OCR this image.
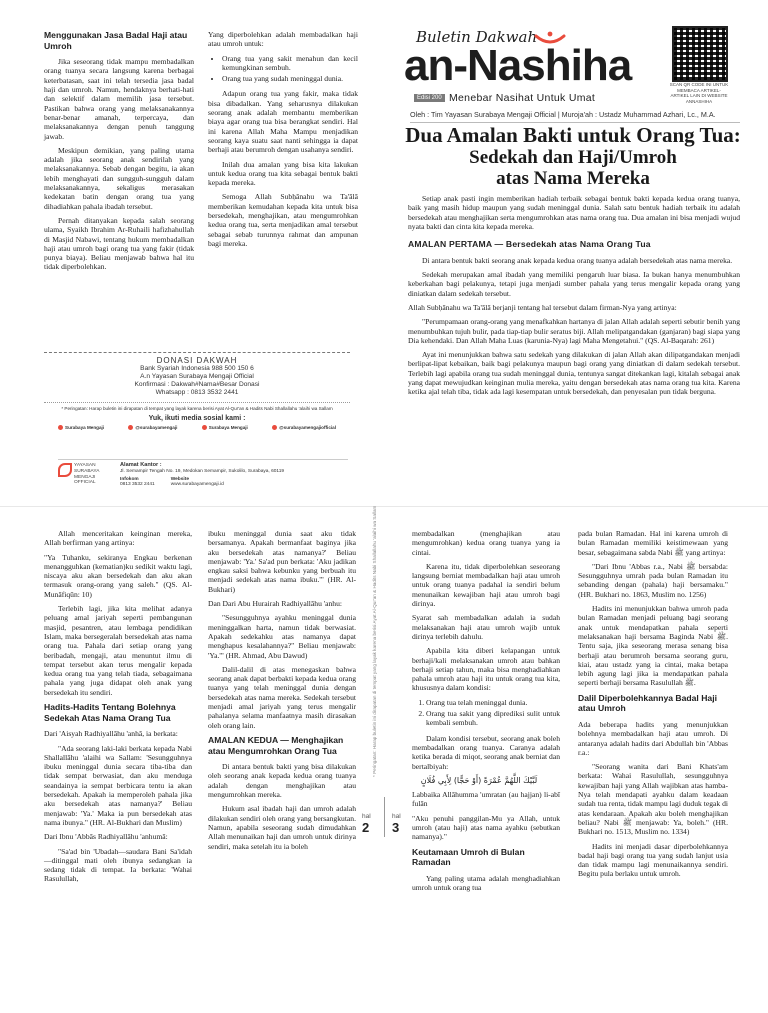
Menggunakan Jasa Badal Haji atau Umroh

Jika seseorang tidak mampu membadalkan orang tuanya secara langsung karena berbagai keterbatasan, saat ini telah tersedia jasa badal haji dan umroh. Namun, hendaknya berhati-hati dan selektif dalam memilih jasa tersebut. Pastikan bahwa orang yang melaksanakannya benar-benar amanah, terpercaya, dan melaksanakannya dengan penuh tanggung jawab.

Meskipun demikian, yang paling utama adalah jika seorang anak sendirilah yang melaksanakannya. Sebab dengan begitu, ia akan lebih menghayati dan sungguh-sungguh dalam melaksanakannya, sekaligus merasakan kedekatan batin dengan orang tua yang dihadiahkan pahala ibadah tersebut.

Pernah ditanyakan kepada salah seorang ulama, Syaikh Ibrahim Ar-Ruhaili hafizhahullah di Masjid Nabawi, tentang hukum membadalkan haji atau umroh bagi orang tua yang fakir (tidak punya biaya). Beliau menjawab bahwa hal itu tidak diperbolehkan.

Yang diperbolehkan adalah membadalkan haji atau umroh untuk:

• Orang tua yang sakit menahun dan kecil kemungkinan sembuh.
• Orang tua yang sudah meninggal dunia.

Adapun orang tua yang fakir, maka tidak bisa dibadalkan. Yang seharusnya dilakukan seorang anak adalah membantu memberikan biaya agar orang tua bisa berangkat sendiri. Hal ini karena Allah Maha Mampu menjadikan seorang kaya suatu saat nanti sehingga ia dapat berhaji atau berumroh dengan usahanya sendiri.

Inilah dua amalan yang bisa kita lakukan untuk kedua orang tua kita sebagai bentuk bakti kepada mereka.

Semoga Allah Subḥānahu wa Ta'ālā memberikan kemudahan kepada kita untuk bisa bersedekah, menghajikan, atau mengumrohkan kedua orang tua, serta menjadikan amal tersebut sebagai sebab turunnya rahmat dan ampunan bagi mereka.

DONASI DAKWAH
Bank Syariah Indonesia 988 500 150 6
A.n Yayasan Surabaya Mengaji Official
Konfirmasi : Dakwah#Nama#Besar Donasi
Whatsapp : 0813 3532 2441
* Peringatan: Harap buletin ini dirapatan di tempat yang layak karena berisi Ayat Al-Qur'an & Hadits Nabi Shallallahu 'alaihi wa Sallam
Yuk, ikuti media sosial kami :
Surabaya Mengaji	@surabayamengaji	Surabaya Mengaji	@surabayamengajiofficial
YAYASAN SURABAYA MENGAJI OFFICIAL
Alamat Kantor :
Jl. Semampir Tengah No. 19, Medokan Semampir, Sukolilo, Surabaya, 60119
Infokom
0813 3532 2441
Website
www.surabayamengaji.id
Buletin Dakwah
an-Nashiha
Edisi 200 Menebar Nasihat Untuk Umat
SCAN QR CODE INI UNTUK MEMBACA ARTIKEL-ARTIKEL LAIN DI WEBSITE ANNASHIHA
Oleh : Tim Yayasan Surabaya Mengaji Official | Muroja'ah : Ustadz Muhammad Azhari, Lc., M.A.
Dua Amalan Bakti untuk Orang Tua:
Sedekah dan Haji/Umroh
atas Nama Mereka

Setiap anak pasti ingin memberikan hadiah terbaik sebagai bentuk bakti kepada kedua orang tuanya, baik yang masih hidup maupun yang sudah meninggal dunia. Salah satu bentuk hadiah terbaik itu adalah bersedekah atau menghajikan serta mengumrohkan atas nama orang tua. Dua amalan ini bisa menjadi wujud nyata bakti dan cinta kita kepada mereka.

AMALAN PERTAMA — Bersedekah atas Nama Orang Tua

Di antara bentuk bakti seorang anak kepada kedua orang tuanya adalah bersedekah atas nama mereka.

Sedekah merupakan amal ibadah yang memiliki pengaruh luar biasa. Ia bukan hanya menumbuhkan keberkahan bagi pelakunya, tetapi juga menjadi sumber pahala yang terus mengalir kepada orang yang diniatkan dalam sedekah tersebut.

Allah Subḥānahu wa Ta'ālā berjanji tentang hal tersebut dalam firman-Nya yang artinya:

"Perumpamaan orang-orang yang menafkahkan hartanya di jalan Allah adalah seperti sebutir benih yang menumbuhkan tujuh bulir, pada tiap-tiap bulir seratus biji. Allah melipatgandakan (ganjaran) bagi siapa yang Dia kehendaki. Dan Allah Maha Luas (karunia-Nya) lagi Maha Mengetahui." (QS. Al-Baqarah: 261)

Ayat ini menunjukkan bahwa satu sedekah yang dilakukan di jalan Allah akan dilipatgandakan menjadi berlipat-lipat kebaikan, baik bagi pelakunya maupun bagi orang yang diniatkan di dalam sedekah tersebut. Terlebih lagi apabila orang tua sudah meninggal dunia, tentunya sangat ditekankan lagi, kitalah sebagai anak yang dapat mewujudkan keinginan mulia mereka, yaitu dengan bersedekah atas nama orang tua kita. Karena ketika ajal telah tiba, tidak ada lagi kesempatan untuk bersedekah, dan penyesalan pun tidak berguna.

Allah menceritakan keinginan mereka, Allah berfirman yang artinya:

"Ya Tuhanku, sekiranya Engkau berkenan menangguhkan (kematian)ku sedikit waktu lagi, niscaya aku akan bersedekah dan aku akan termasuk orang-orang yang saleh." (QS. Al-Munāfiqūn: 10)

Terlebih lagi, jika kita melihat adanya peluang amal jariyah seperti pembangunan masjid, pesantren, atau lembaga pendidikan Islam, maka bersegeralah bersedekah atas nama orang tua. Pahala dari setiap orang yang beribadah, mengaji, atau menuntut ilmu di tempat tersebut akan terus mengalir kepada kedua orang tua yang telah tiada, sebagaimana pahala yang juga didapat oleh anak yang bersedekah itu sendiri.

Hadits-Hadits Tentang Bolehnya Sedekah Atas Nama Orang Tua

Dari 'Aisyah Radhiyallāhu 'anhā, ia berkata:

"Ada seorang laki-laki berkata kepada Nabi Shallallāhu 'alaihi wa Sallam: 'Sesungguhnya ibuku meninggal dunia secara tiba-tiba dan tidak sempat berwasiat, dan aku menduga seandainya ia sempat berbicara tentu ia akan bersedekah. Apakah ia memperoleh pahala jika aku bersedekah atas namanya?' Beliau menjawab: 'Ya.' Maka ia pun bersedekah atas nama ibunya." (HR. Al-Bukhari dan Muslim)

Dari Ibnu 'Abbās Radhiyallāhu 'anhumā:

"Sa'ad bin 'Ubadah—saudara Bani Sa'idah—ditinggal mati oleh ibunya sedangkan ia sedang tidak di tempat. Ia berkata: 'Wahai Rasulullah,

ibuku meninggal dunia saat aku tidak bersamanya. Apakah bermanfaat baginya jika aku bersedekah atas namanya?' Beliau menjawab: 'Ya.' Sa'ad pun berkata: 'Aku jadikan engkau saksi bahwa kebunku yang berbuah itu menjadi sedekah atas nama ibuku.'" (HR. Al-Bukhari)

Dan Dari Abu Hurairah Radhiyallāhu 'anhu:

"Sesungguhnya ayahku meninggal dunia meninggalkan harta, namun tidak berwasiat. Apakah sedekahku atas namanya dapat menghapus kesalahannya?" Beliau menjawab: 'Ya.'" (HR. Ahmad, Abu Dawud)

Dalil-dalil di atas menegaskan bahwa seorang anak dapat berbakti kepada kedua orang tuanya yang telah meninggal dunia dengan bersedekah atas nama mereka. Sedekah tersebut menjadi amal jariyah yang terus mengalir pahalanya selama manfaatnya masih dirasakan oleh orang lain.

AMALAN KEDUA — Menghajikan atau Mengumrohkan Orang Tua

Di antara bentuk bakti yang bisa dilakukan oleh seorang anak kepada kedua orang tuanya adalah dengan menghajikan atau mengumrohkan mereka.

Hukum asal ibadah haji dan umroh adalah dilakukan sendiri oleh orang yang bersangkutan. Namun, apabila seseorang sudah dimudahkan Allah menunaikan haji dan umroh untuk dirinya sendiri, maka setelah itu ia boleh

hal
2
hal
3
* Peringatan: Harap buletin ini dirapatan di tempat yang layak karena berisi Ayat Al-Qur'an & Hadits Nabi Shallallahu 'alaihi wa Sallam	membadalkan (menghajikan atau mengumrohkan) kedua orang tuanya yang ia cintai.

Karena itu, tidak diperbolehkan seseorang langsung berniat membadalkan haji atau umroh untuk orang tuanya padahal ia sendiri belum menunaikan kewajiban haji atau umroh bagi dirinya.

Syarat sah membadalkan adalah ia sudah melaksanakan haji atau umroh wajib untuk dirinya terlebih dahulu.

Apabila kita diberi kelapangan untuk berhaji/kali melaksanakan umroh atau bahkan berhaji setiap tahun, maka bisa menghadiahkan pahala umroh atau haji itu untuk orang tua kita, khususnya dalam kondisi:

1. Orang tua telah meninggal dunia.
2. Orang tua sakit yang diprediksi sulit untuk kembali sembuh.

Dalam kondisi tersebut, seorang anak boleh membadalkan orang tuanya. Caranya adalah ketika berada di miqot, seorang anak berniat dan bertalbiyah:

لَبَّيْكَ اللَّهُمَّ عُمْرَةً (أَوْ حَجًّا) لِأَبِي فُلَانٍ

Labbaika Allāhumma 'umratan (au hajjan) li-abī fulān

"Aku penuhi panggilan-Mu ya Allah, untuk umroh (atau haji) atas nama ayahku (sebutkan namanya)."

Keutamaan Umroh di Bulan Ramadan

Yang paling utama adalah menghadiahkan umroh untuk orang tua

pada bulan Ramadan. Hal ini karena umroh di bulan Ramadan memiliki keistimewaan yang besar, sebagaimana sabda Nabi ﷺ yang artinya:

"Dari Ibnu 'Abbas r.a., Nabi ﷺ bersabda: Sesungguhnya umrah pada bulan Ramadan itu sebanding dengan (pahala) haji bersamaku." (HR. Bukhari no. 1863, Muslim no. 1256)

Hadits ini menunjukkan bahwa umroh pada bulan Ramadan menjadi peluang bagi seorang anak untuk mendapatkan pahala seperti melaksanakan haji bersama Baginda Nabi ﷺ. Tentu saja, jika seseorang merasa senang bisa berhaji atau berumroh bersama seorang guru, kiai, atau ustadz yang ia cintai, maka betapa lebih agung lagi jika ia mendapatkan pahala seperti berhaji bersama Rasulullah ﷺ.

Dalil Diperbolehkannya Badal Haji atau Umroh

Ada beberapa hadits yang menunjukkan bolehnya membadalkan haji atau umroh. Di antaranya adalah hadits dari Abdullah bin 'Abbas r.a.:

"Seorang wanita dari Bani Khats'am berkata: Wahai Rasulullah, sesungguhnya kewajiban haji yang Allah wajibkan atas hamba-Nya telah mendapati ayahku dalam keadaan sudah tua renta, tidak mampu lagi duduk tegak di atas kendaraan. Apakah aku boleh menghajikan beliau? Nabi ﷺ menjawab: Ya, boleh." (HR. Bukhari no. 1513, Muslim no. 1334)

Hadits ini menjadi dasar diperbolehkannya badal haji bagi orang tua yang sudah lanjut usia dan tidak mampu lagi menunaikannya sendiri. Begitu pula berlaku untuk umroh.
